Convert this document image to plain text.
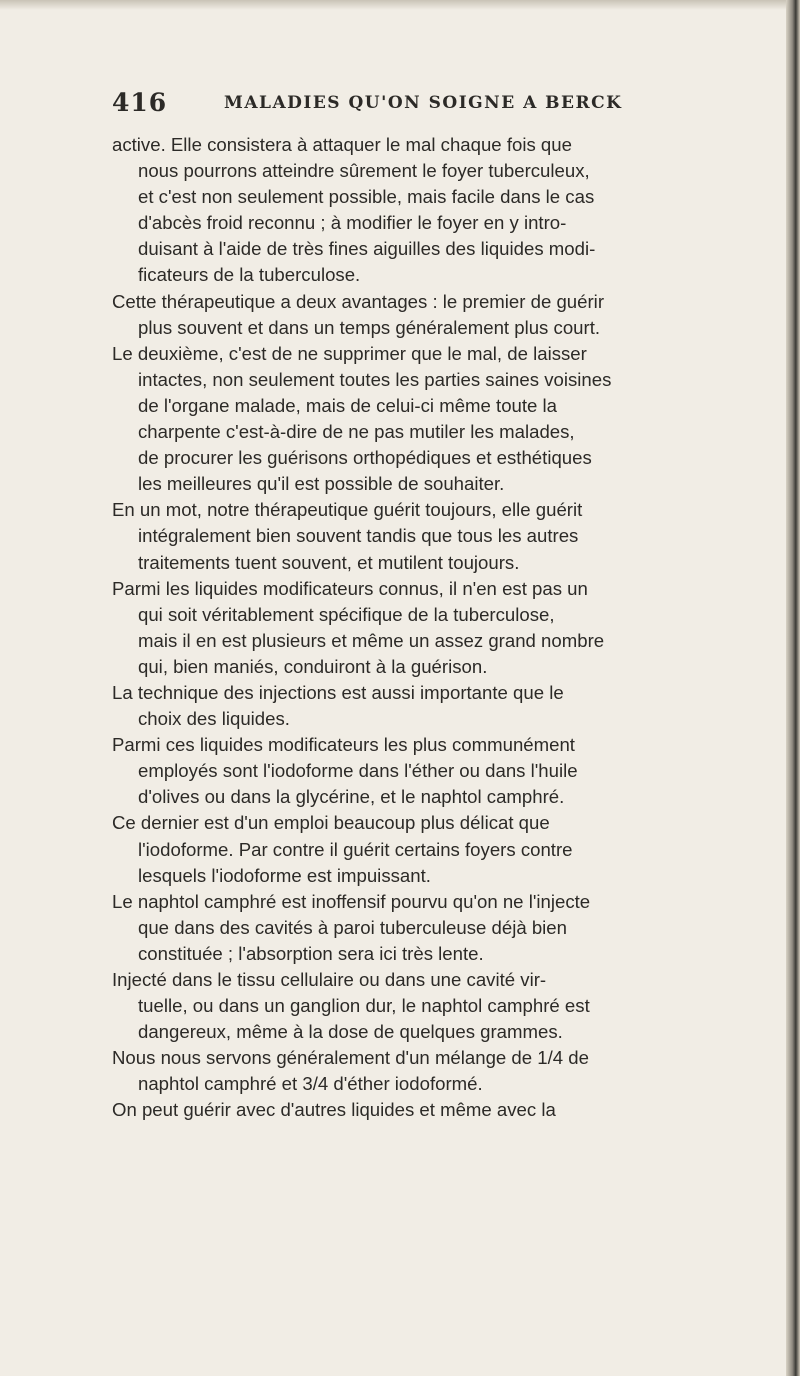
416	MALADIES QU'ON SOIGNE A BERCK

active. Elle consistera à attaquer le mal chaque fois que
nous pourrons atteindre sûrement le foyer tuberculeux,
et c'est non seulement possible, mais facile dans le cas
d'abcès froid reconnu ; à modifier le foyer en y intro-
duisant à l'aide de très fines aiguilles des liquides modi-
ficateurs de la tuberculose.

Cette thérapeutique a deux avantages : le premier de guérir
plus souvent et dans un temps généralement plus court.

Le deuxième, c'est de ne supprimer que le mal, de laisser
intactes, non seulement toutes les parties saines voisines
de l'organe malade, mais de celui-ci même toute la
charpente c'est-à-dire de ne pas mutiler les malades,
de procurer les guérisons orthopédiques et esthétiques
les meilleures qu'il est possible de souhaiter.

En un mot, notre thérapeutique guérit toujours, elle guérit
intégralement bien souvent tandis que tous les autres
traitements tuent souvent, et mutilent toujours.

Parmi les liquides modificateurs connus, il n'en est pas un
qui soit véritablement spécifique de la tuberculose,
mais il en est plusieurs et même un assez grand nombre
qui, bien maniés, conduiront à la guérison.

La technique des injections est aussi importante que le
choix des liquides.

Parmi ces liquides modificateurs les plus communément
employés sont l'iodoforme dans l'éther ou dans l'huile
d'olives ou dans la glycérine, et le naphtol camphré.

Ce dernier est d'un emploi beaucoup plus délicat que
l'iodoforme. Par contre il guérit certains foyers contre
lesquels l'iodoforme est impuissant.

Le naphtol camphré est inoffensif pourvu qu'on ne l'injecte
que dans des cavités à paroi tuberculeuse déjà bien
constituée ; l'absorption sera ici très lente.

Injecté dans le tissu cellulaire ou dans une cavité vir-
tuelle, ou dans un ganglion dur, le naphtol camphré est
dangereux, même à la dose de quelques grammes.

Nous nous servons généralement d'un mélange de 1/4 de
naphtol camphré et 3/4 d'éther iodoformé.

On peut guérir avec d'autres liquides et même avec la
